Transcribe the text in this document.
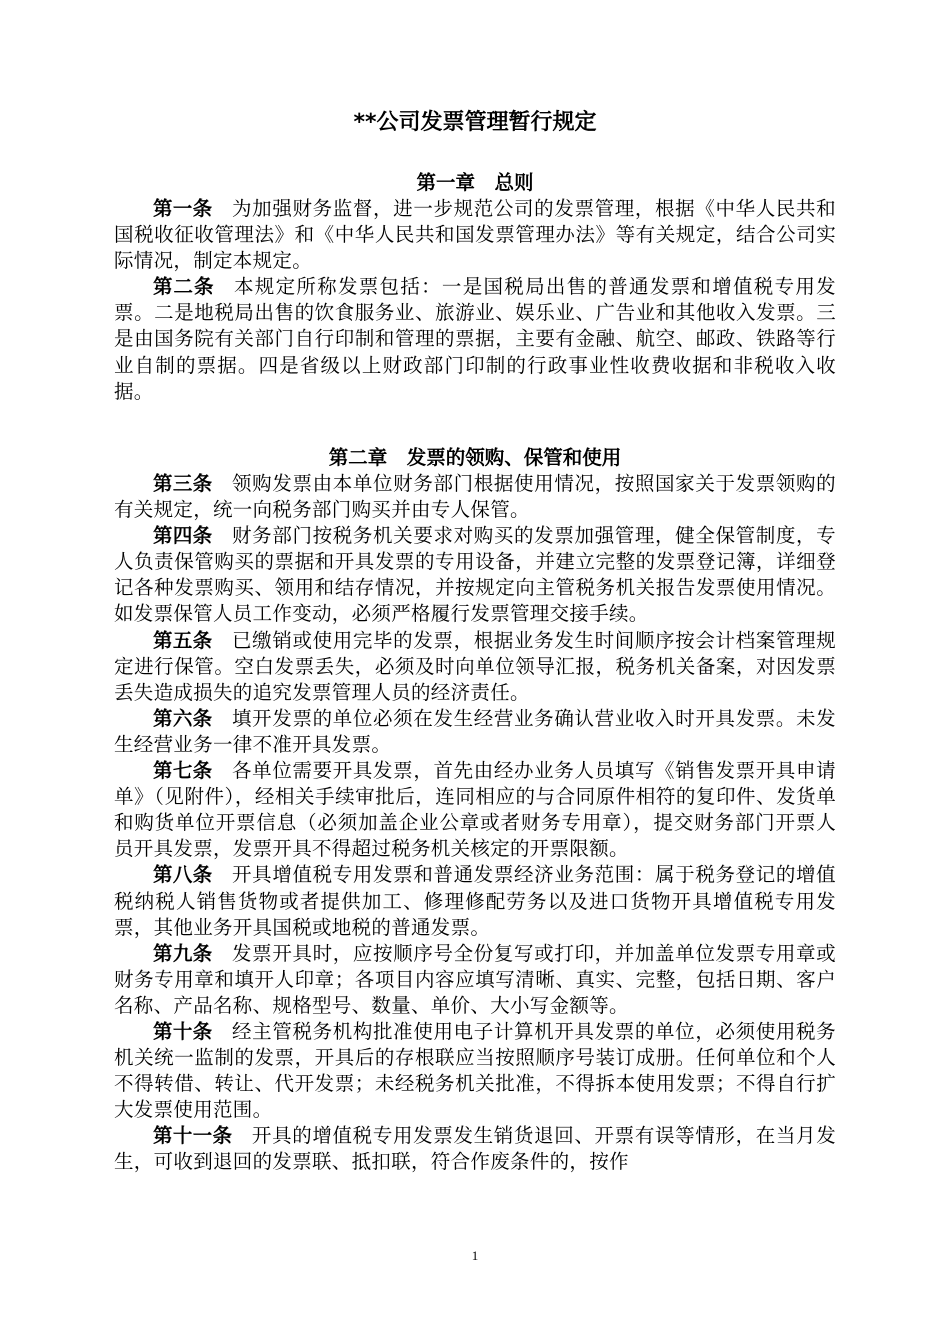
**公司发票管理暂行规定
第一章　总则

第一条 为加强财务监督，进一步规范公司的发票管理，根据《中华人民共和国税收征收管理法》和《中华人民共和国发票管理办法》等有关规定，结合公司实际情况，制定本规定。

第二条 本规定所称发票包括：一是国税局出售的普通发票和增值税专用发票。二是地税局出售的饮食服务业、旅游业、娱乐业、广告业和其他收入发票。三是由国务院有关部门自行印制和管理的票据，主要有金融、航空、邮政、铁路等行业自制的票据。四是省级以上财政部门印制的行政事业性收费收据和非税收入收据。

第二章　发票的领购、保管和使用

第三条 领购发票由本单位财务部门根据使用情况，按照国家关于发票领购的有关规定，统一向税务部门购买并由专人保管。

第四条 财务部门按税务机关要求对购买的发票加强管理，健全保管制度，专人负责保管购买的票据和开具发票的专用设备，并建立完整的发票登记簿，详细登记各种发票购买、领用和结存情况，并按规定向主管税务机关报告发票使用情况。如发票保管人员工作变动，必须严格履行发票管理交接手续。

第五条 已缴销或使用完毕的发票，根据业务发生时间顺序按会计档案管理规定进行保管。空白发票丢失，必须及时向单位领导汇报，税务机关备案，对因发票丢失造成损失的追究发票管理人员的经济责任。

第六条 填开发票的单位必须在发生经营业务确认营业收入时开具发票。未发生经营业务一律不准开具发票。

第七条 各单位需要开具发票，首先由经办业务人员填写《销售发票开具申请单》（见附件），经相关手续审批后，连同相应的与合同原件相符的复印件、发货单和购货单位开票信息（必须加盖企业公章或者财务专用章），提交财务部门开票人员开具发票，发票开具不得超过税务机关核定的开票限额。

第八条 开具增值税专用发票和普通发票经济业务范围：属于税务登记的增值税纳税人销售货物或者提供加工、修理修配劳务以及进口货物开具增值税专用发票，其他业务开具国税或地税的普通发票。

第九条 发票开具时，应按顺序号全份复写或打印，并加盖单位发票专用章或财务专用章和填开人印章；各项目内容应填写清晰、真实、完整，包括日期、客户名称、产品名称、规格型号、数量、单价、大小写金额等。

第十条 经主管税务机构批准使用电子计算机开具发票的单位，必须使用税务机关统一监制的发票，开具后的存根联应当按照顺序号装订成册。任何单位和个人不得转借、转让、代开发票；未经税务机关批准，不得拆本使用发票；不得自行扩大发票使用范围。

第十一条 开具的增值税专用发票发生销货退回、开票有误等情形，在当月发生，可收到退回的发票联、抵扣联，符合作废条件的，按作

1
